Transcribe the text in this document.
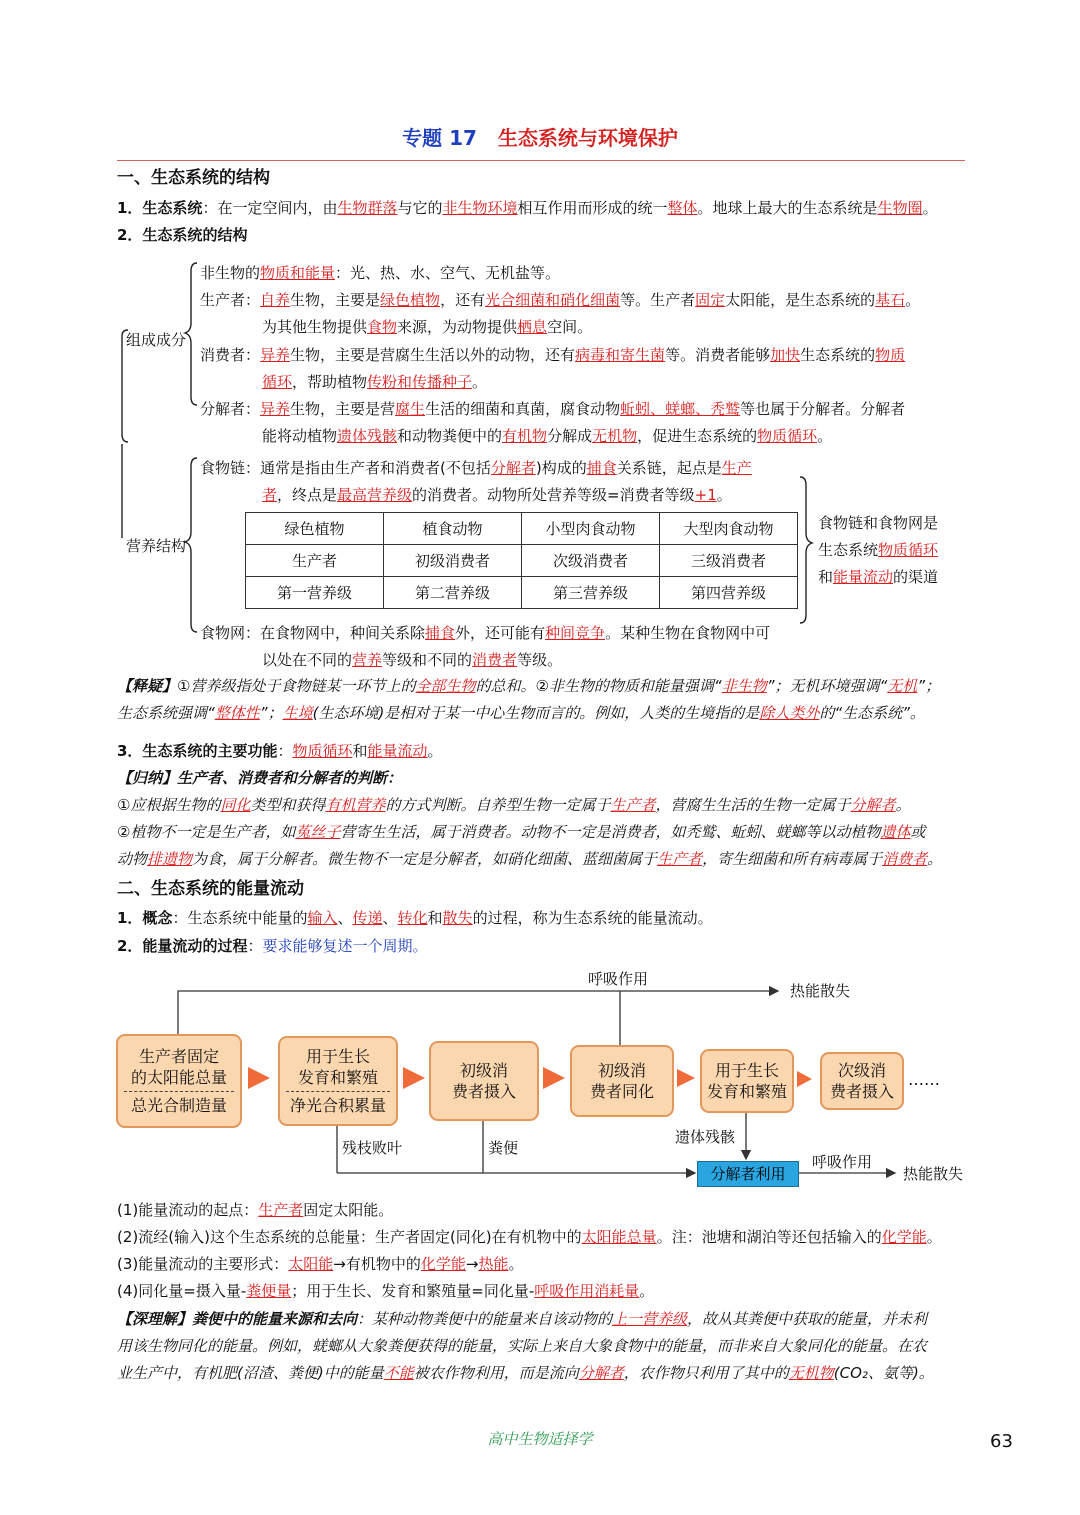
专题 17 生态系统与环境保护
一、生态系统的结构
1．生态系统：在一定空间内，由生物群落与它的非生物环境相互作用而形成的统一整体。地球上最大的生态系统是生物圈。
2．生态系统的结构
组成成分
营养结构
非生物的物质和能量：光、热、水、空气、无机盐等。
生产者：自养生物，主要是绿色植物，还有光合细菌和硝化细菌等。生产者固定太阳能，是生态系统的基石。
为其他生物提供食物来源，为动物提供栖息空间。
消费者：异养生物，主要是营腐生生活以外的动物，还有病毒和寄生菌等。消费者能够加快生态系统的物质
循环，帮助植物传粉和传播种子。
分解者：异养生物，主要是营腐生生活的细菌和真菌，腐食动物蚯蚓、蜣螂、秃鹫等也属于分解者。分解者
能将动植物遗体残骸和动物粪便中的有机物分解成无机物，促进生态系统的物质循环。
食物链：通常是指由生产者和消费者(不包括分解者)构成的捕食关系链，起点是生产
者，终点是最高营养级的消费者。动物所处营养等级=消费者等级+1。
绿色植物	植食动物	小型肉食动物	大型肉食动物
生产者	初级消费者	次级消费者	三级消费者
第一营养级	第二营养级	第三营养级	第四营养级
食物链和食物网是
生态系统物质循环
和能量流动的渠道
食物网：在食物网中，种间关系除捕食外，还可能有种间竞争。某种生物在食物网中可
以处在不同的营养等级和不同的消费者等级。
【释疑】①营养级指处于食物链某一环节上的全部生物的总和。②非生物的物质和能量强调“非生物”；无机环境强调“无机”；
生态系统强调“整体性”；生境(生态环境)是相对于某一中心生物而言的。例如，人类的生境指的是除人类外的“生态系统”。
3．生态系统的主要功能：物质循环和能量流动。
【归纳】生产者、消费者和分解者的判断：
①应根据生物的同化类型和获得有机营养的方式判断。自养型生物一定属于生产者，营腐生生活的生物一定属于分解者。
②植物不一定是生产者，如菟丝子营寄生生活，属于消费者。动物不一定是消费者，如秃鹫、蚯蚓、蜣螂等以动植物遗体或
动物排遗物为食，属于分解者。微生物不一定是分解者，如硝化细菌、蓝细菌属于生产者，寄生细菌和所有病毒属于消费者。
二、生态系统的能量流动
1．概念：生态系统中能量的输入、传递、转化和散失的过程，称为生态系统的能量流动。
2．能量流动的过程：要求能够复述一个周期。
呼吸作用
热能散失
生产者固定
的太阳能总量
总光合制造量
用于生长
发育和繁殖
净光合积累量
初级消
费者摄入
初级消
费者同化
用于生长
发育和繁殖
次级消
费者摄入
……
遗体残骸
残枝败叶	粪便
分解者利用
呼吸作用
热能散失
(1)能量流动的起点：生产者固定太阳能。
(2)流经(输入)这个生态系统的总能量：生产者固定(同化)在有机物中的太阳能总量。注：池塘和湖泊等还包括输入的化学能。
(3)能量流动的主要形式：太阳能→有机物中的化学能→热能。
(4)同化量=摄入量-粪便量；用于生长、发育和繁殖量=同化量-呼吸作用消耗量。
【深理解】粪便中的能量来源和去向：某种动物粪便中的能量来自该动物的上一营养级，故从其粪便中获取的能量，并未利
用该生物同化的能量。例如，蜣螂从大象粪便获得的能量，实际上来自大象食物中的能量，而非来自大象同化的能量。在农
业生产中，有机肥(沼渣、粪便)中的能量不能被农作物利用，而是流向分解者，农作物只利用了其中的无机物(CO₂、氨等)。
高中生物适择学	63
